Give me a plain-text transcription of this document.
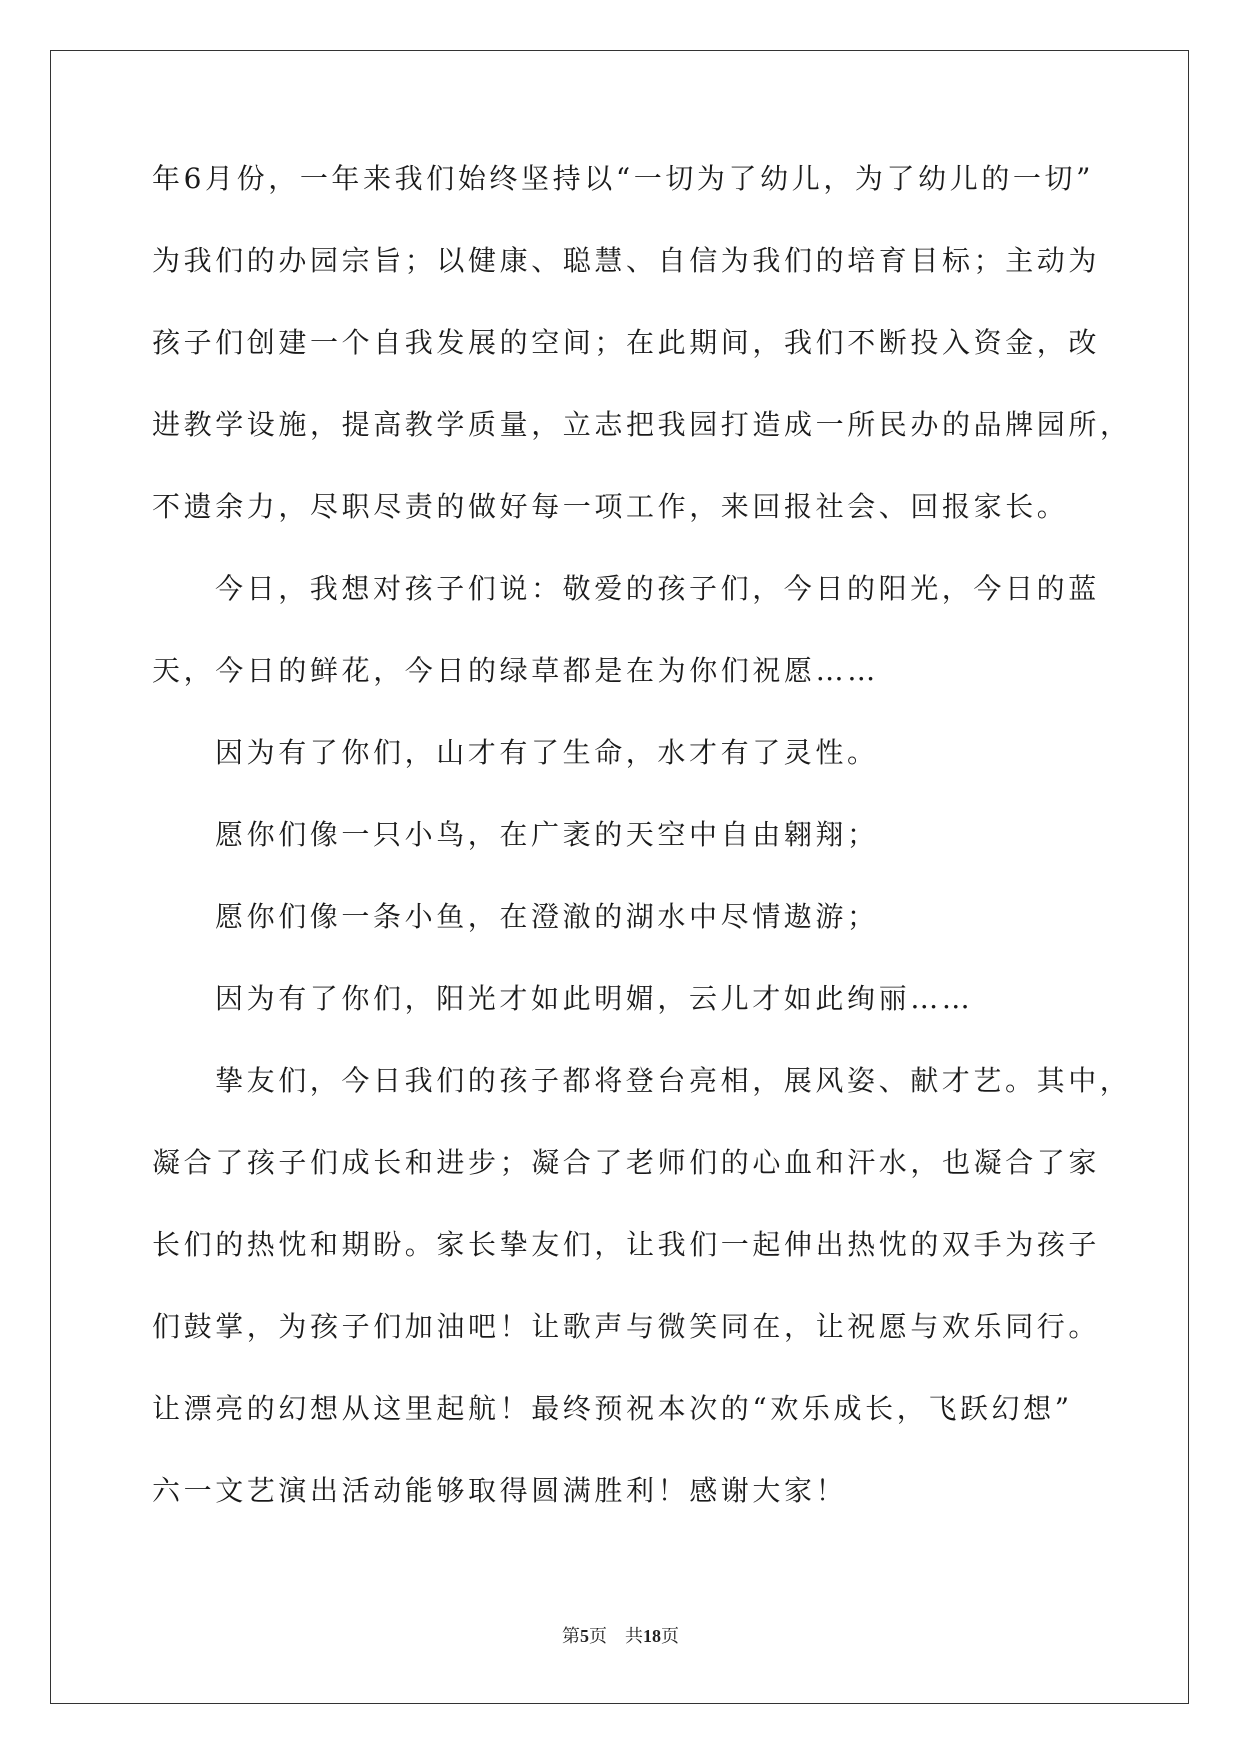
年6月份，一年来我们始终坚持以“一切为了幼儿，为了幼儿的一切”
为我们的办园宗旨；以健康、聪慧、自信为我们的培育目标；主动为
孩子们创建一个自我发展的空间；在此期间，我们不断投入资金，改
进教学设施，提高教学质量，立志把我园打造成一所民办的品牌园所，
不遗余力，尽职尽责的做好每一项工作，来回报社会、回报家长。
今日，我想对孩子们说：敬爱的孩子们，今日的阳光，今日的蓝
天，今日的鲜花，今日的绿草都是在为你们祝愿……
因为有了你们，山才有了生命，水才有了灵性。
愿你们像一只小鸟，在广袤的天空中自由翱翔；
愿你们像一条小鱼，在澄澈的湖水中尽情遨游；
因为有了你们，阳光才如此明媚，云儿才如此绚丽……
挚友们，今日我们的孩子都将登台亮相，展风姿、献才艺。其中，
凝合了孩子们成长和进步；凝合了老师们的心血和汗水，也凝合了家
长们的热忱和期盼。家长挚友们，让我们一起伸出热忱的双手为孩子
们鼓掌，为孩子们加油吧！让歌声与微笑同在，让祝愿与欢乐同行。
让漂亮的幻想从这里起航！最终预祝本次的“欢乐成长，飞跃幻想”
六一文艺演出活动能够取得圆满胜利！感谢大家！
第5页 共18页
